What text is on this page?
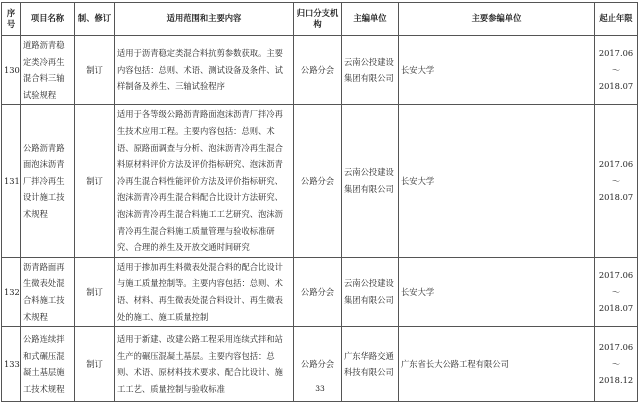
序号	项目名称	制、修订	适用范围和主要内容	归口分支机构	主编单位	主要参编单位	起止年限
130	道路沥青稳定类冷再生混合料三轴试验规程	制订	适用于沥青稳定类混合料抗剪参数获取。主要内容包括：总则、术语、测试设备及条件、试样制备及养生、三轴试验程序	公路分会	云南公投建设集团有限公司	长安大学	2017.06
～
2018.07

131	公路沥青路面泡沫沥青厂拌冷再生设计施工技术规程	制订	适用于各等级公路沥青路面泡沫沥青厂拌冷再生技术应用工程。主要内容包括：总则、术语、原路面调查与分析、泡沫沥青冷再生混合料原材料评价方法及评价指标研究、泡沫沥青冷再生混合料性能评价方法及评价指标研究、泡沫沥青冷再生混合料配合比设计方法研究、泡沫沥青冷再生混合料施工工艺研究、泡沫沥青冷再生混合料施工质量管理与验收标准研究、合理的养生及开放交通时间研究	公路分会	云南公投建设集团有限公司	长安大学	2017.06
～
2018.07

132	沥青路面再生微表处混合料施工技术规程	制订	适用于掺加再生料微表处混合料的配合比设计与施工质量控制等。主要内容包括：总则、术语、材料、再生微表处混合料设计、再生微表处的施工、施工质量控制	公路分会	云南公投建设集团有限公司	长安大学	2017.06
～
2018.07

133	公路连续拌和式碾压混凝土基层施工技术规程	制订	适用于新建、改建公路工程采用连续式拌和站生产的碾压混凝土基层。主要内容包括：总则、术语、原材料技术要求、配合比设计、施工工艺、质量控制与验收标准	公路分会	广东华路交通科技有限公司	广东省长大公路工程有限公司	2017.06
～
2018.12
33
